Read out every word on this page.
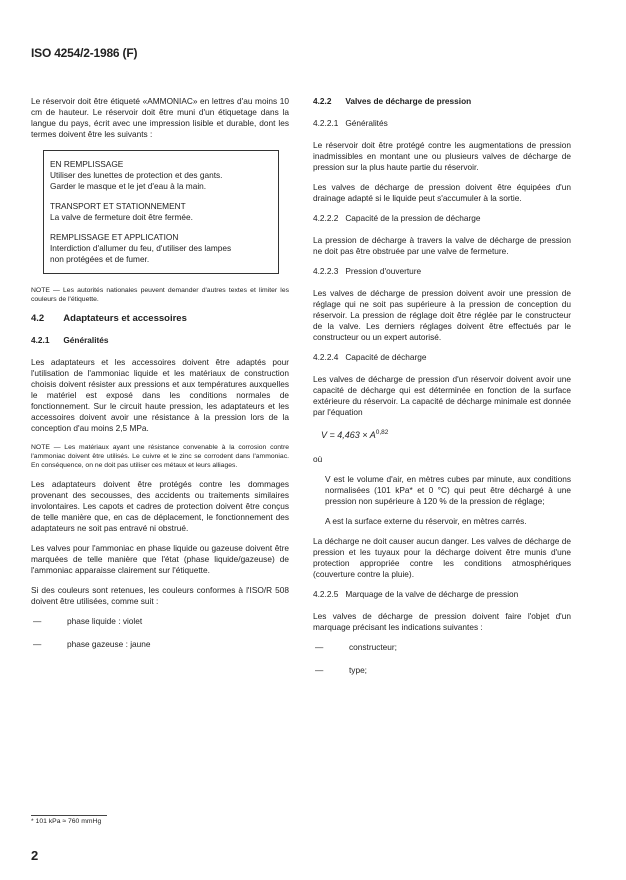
ISO 4254/2-1986 (F)

Le réservoir doit être étiqueté «AMMONIAC» en lettres d'au moins 10 cm de hauteur. Le réservoir doit être muni d'un étiquetage dans la langue du pays, écrit avec une impression lisible et durable, dont les termes doivent être les suivants :

EN REMPLISSAGE

Utiliser des lunettes de protection et des gants.

Garder le masque et le jet d'eau à la main.

TRANSPORT ET STATIONNEMENT

La valve de fermeture doit être fermée.

REMPLISSAGE ET APPLICATION

Interdiction d'allumer du feu, d'utiliser des lampes

non protégées et de fumer.

NOTE — Les autorités nationales peuvent demander d'autres textes et limiter les couleurs de l'étiquette.

4.2 Adaptateurs et accessoires
4.2.1 Généralités

Les adaptateurs et les accessoires doivent être adaptés pour l'utilisation de l'ammoniac liquide et les matériaux de construction choisis doivent résister aux pressions et aux températures auxquelles le matériel est exposé dans les conditions normales de fonctionnement. Sur le circuit haute pression, les adaptateurs et les accessoires doivent avoir une résistance à la pression lors de la conception d'au moins 2,5 MPa.

NOTE — Les matériaux ayant une résistance convenable à la corrosion contre l'ammoniac doivent être utilisés. Le cuivre et le zinc se corrodent dans l'ammoniac. En conséquence, on ne doit pas utiliser ces métaux et leurs alliages.

Les adaptateurs doivent être protégés contre les dommages provenant des secousses, des accidents ou traitements similaires involontaires. Les capots et cadres de protection doivent être conçus de telle manière que, en cas de déplacement, le fonctionnement des adaptateurs ne soit pas entravé ni obstrué.

Les valves pour l'ammoniac en phase liquide ou gazeuse doivent être marquées de telle manière que l'état (phase liquide/gazeuse) de l'ammoniac apparaisse clairement sur l'étiquette.

Si des couleurs sont retenues, les couleurs conformes à l'ISO/R 508 doivent être utilisées, comme suit :

—	phase liquide : violet
—	phase gazeuse : jaune
4.2.2 Valves de décharge de pression
4.2.2.1 Généralités

Le réservoir doit être protégé contre les augmentations de pression inadmissibles en montant une ou plusieurs valves de décharge de pression sur la plus haute partie du réservoir.

Les valves de décharge de pression doivent être équipées d'un drainage adapté si le liquide peut s'accumuler à la sortie.

4.2.2.2 Capacité de la pression de décharge

La pression de décharge à travers la valve de décharge de pression ne doit pas être obstruée par une valve de fermeture.

4.2.2.3 Pression d'ouverture

Les valves de décharge de pression doivent avoir une pression de réglage qui ne soit pas supérieure à la pression de conception du réservoir. La pression de réglage doit être réglée par le constructeur de la valve. Les derniers réglages doivent être effectués par le constructeur ou un expert autorisé.

4.2.2.4 Capacité de décharge

Les valves de décharge de pression d'un réservoir doivent avoir une capacité de décharge qui est déterminée en fonction de la surface extérieure du réservoir. La capacité de décharge minimale est donnée par l'équation

V = 4,463 × A$^{0,82}$

où

V est le volume d'air, en mètres cubes par minute, aux conditions normalisées (101 kPa* et 0 °C) qui peut être déchargé à une pression non supérieure à 120 % de la pression de réglage;

A est la surface externe du réservoir, en mètres carrés.

La décharge ne doit causer aucun danger. Les valves de décharge de pression et les tuyaux pour la décharge doivent être munis d'une protection appropriée contre les conditions atmosphériques (couverture contre la pluie).

4.2.2.5 Marquage de la valve de décharge de pression

Les valves de décharge de pression doivent faire l'objet d'un marquage précisant les indications suivantes :

—	constructeur;
—	type;
* 101 kPa ≈ 760 mmHg
2
